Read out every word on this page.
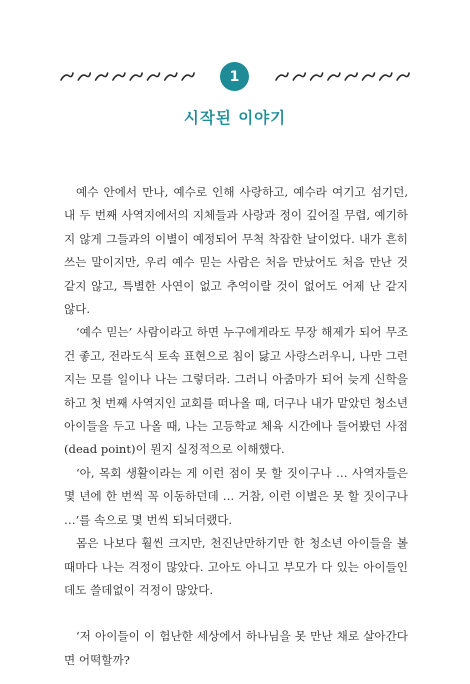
1
시작된 이야기

예수 안에서 만나, 예수로 인해 사랑하고, 예수라 여기고 섬기던, 내 두 번째 사역지에서의 지체들과 사랑과 정이 깊어질 무렵, 예기하지 않게 그들과의 이별이 예정되어 무척 착잡한 날이었다. 내가 흔히 쓰는 말이지만, 우리 예수 믿는 사람은 처음 만났어도 처음 만난 것 같지 않고, 특별한 사연이 없고 추억이랄 것이 없어도 어제 난 같지 않다.

‘예수 믿는’ 사람이라고 하면 누구에게라도 무장 해제가 되어 무조건 좋고, 전라도식 토속 표현으로 침이 닳고 사랑스러우니, 나만 그런지는 모를 일이나 나는 그렇더라. 그러니 아줌마가 되어 늦게 신학을 하고 첫 번째 사역지인 교회를 떠나올 때, 더구나 내가 맡았던 청소년 아이들을 두고 나올 때, 나는 고등학교 체육 시간에나 들어봤던 사점(dead point)이 뭔지 실정적으로 이해했다.

‘아, 목회 생활이라는 게 이런 점이 못 할 짓이구나 … 사역자들은 몇 년에 한 번씩 꼭 이동하던데 … 거참, 이런 이별은 못 할 짓이구나 …’를 속으로 몇 번씩 되뇌더랬다.

몸은 나보다 훨씬 크지만, 천진난만하기만 한 청소년 아이들을 볼 때마다 나는 걱정이 많았다. 고아도 아니고 부모가 다 있는 아이들인데도 쓸데없이 걱정이 많았다.

‘저 아이들이 이 험난한 세상에서 하나님을 못 만난 채로 살아간다면 어떡할까?
